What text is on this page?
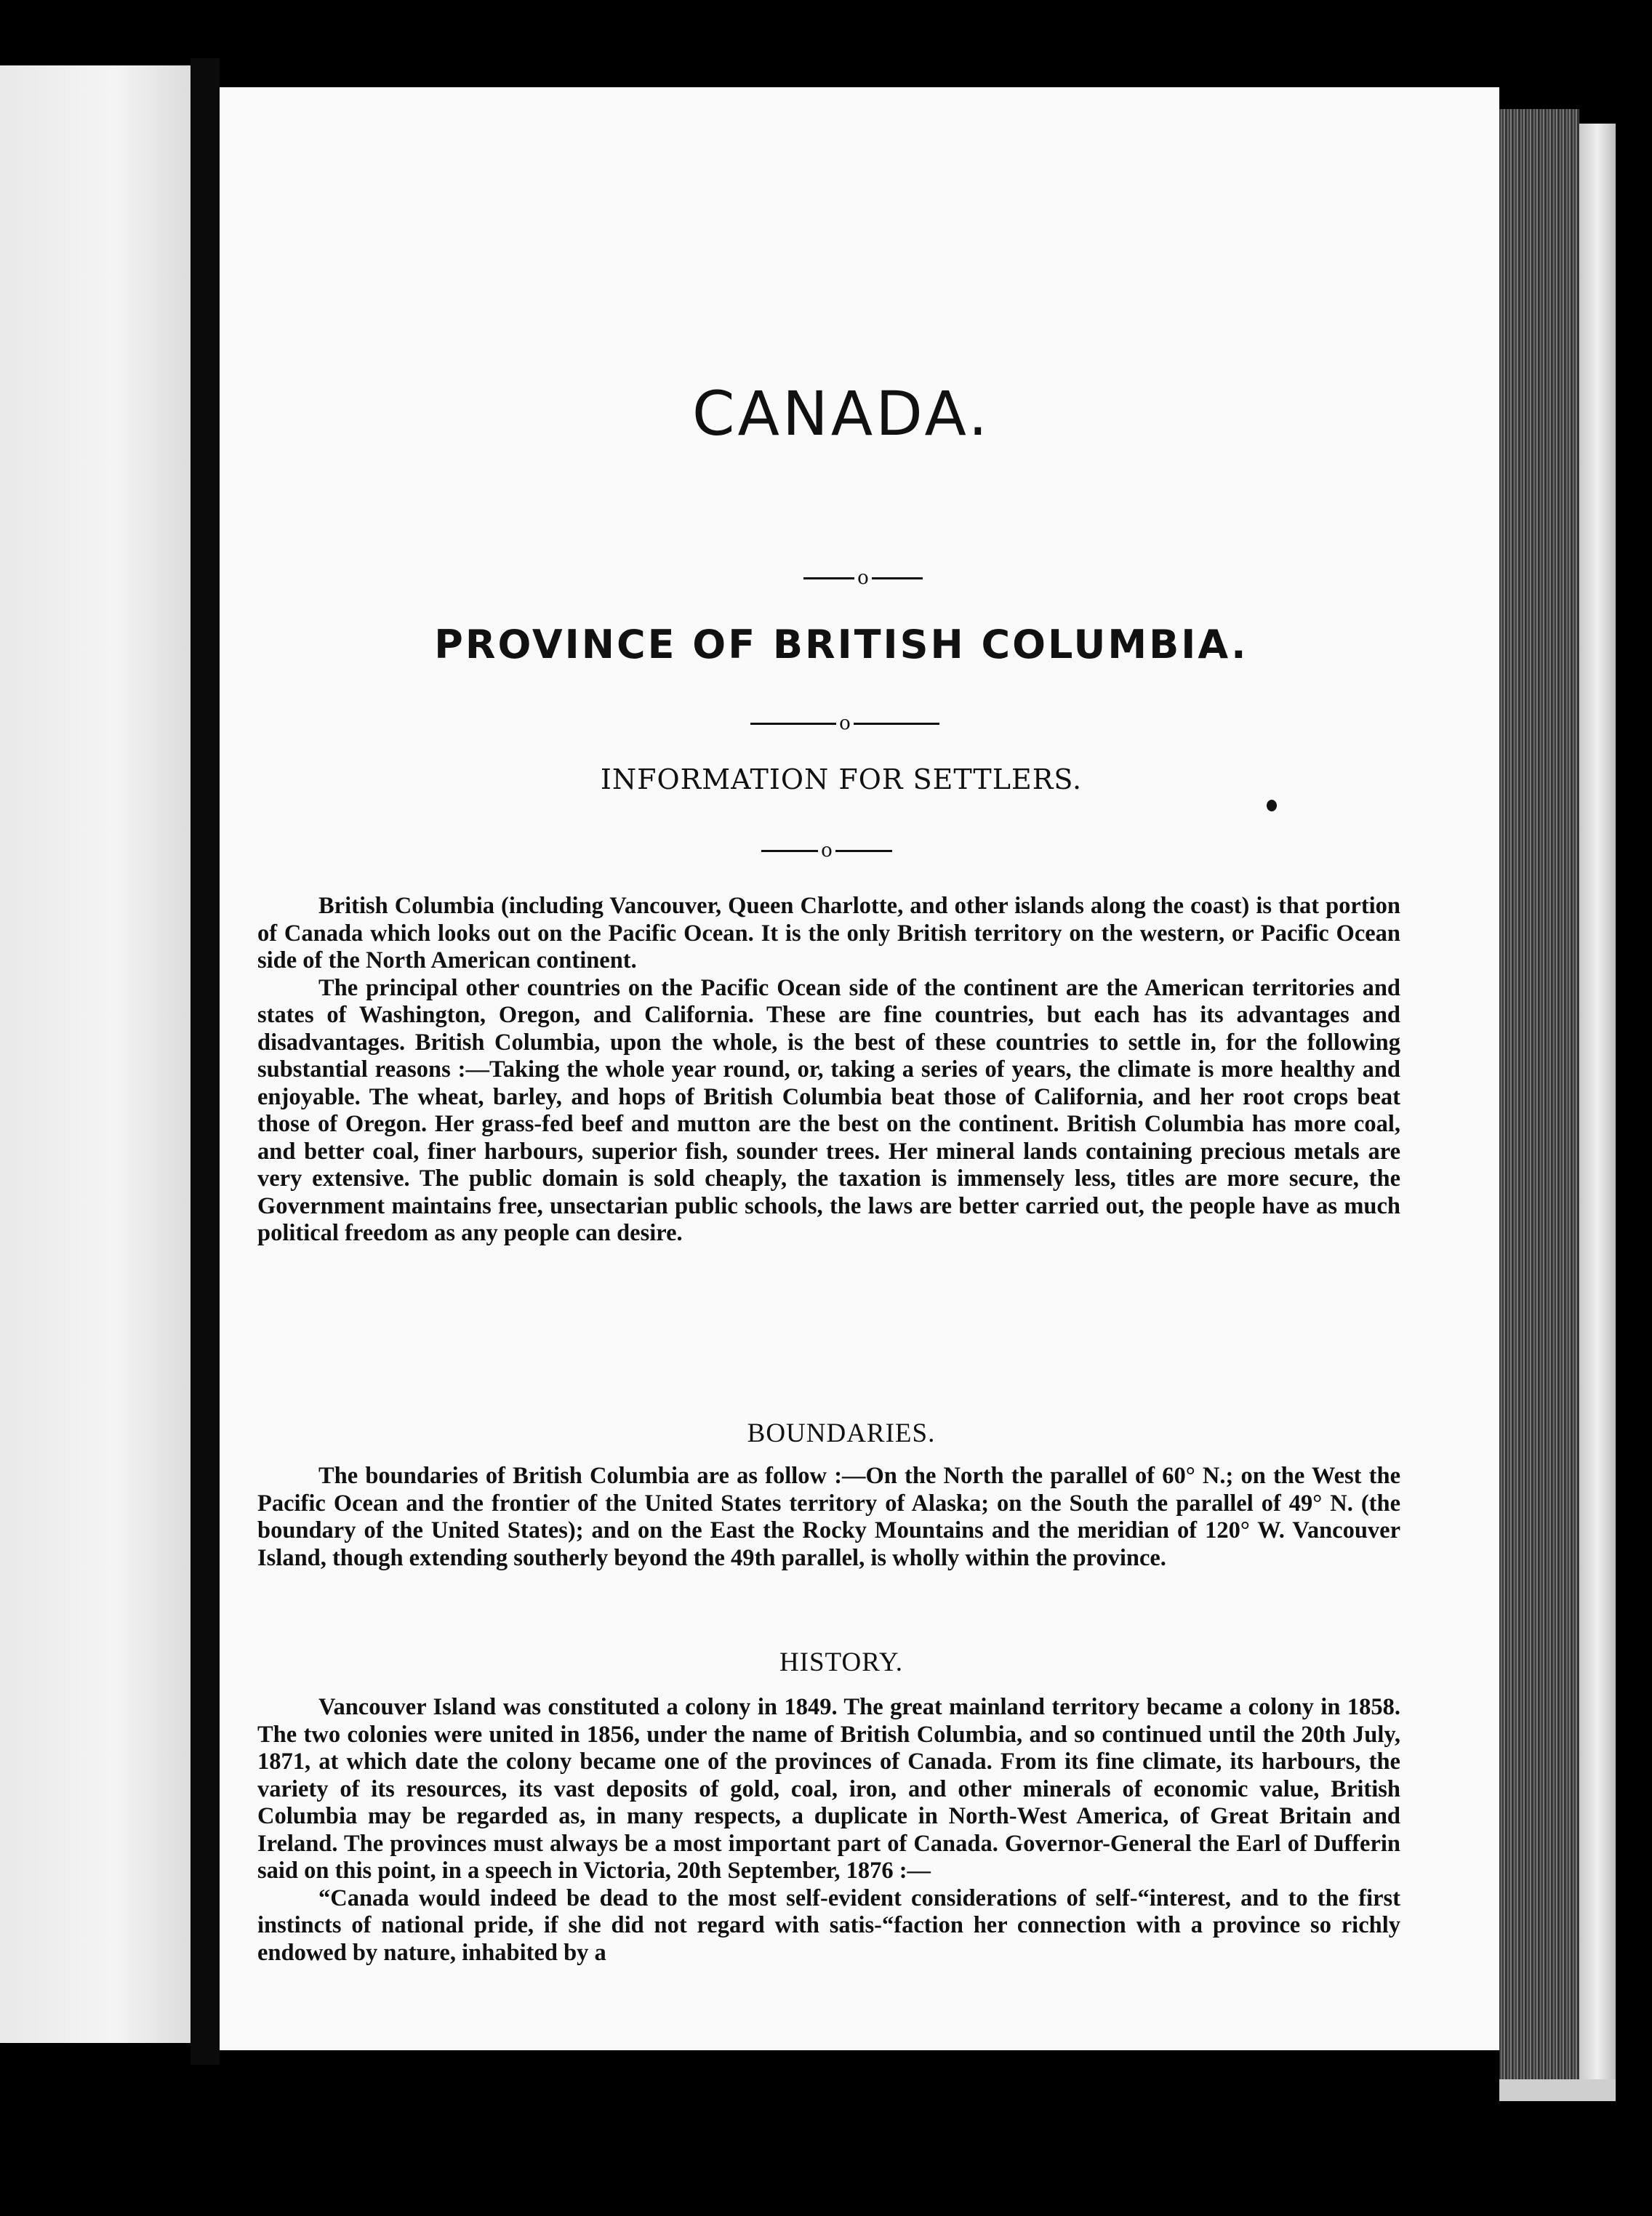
CANADA.
o
PROVINCE OF BRITISH COLUMBIA.
o
INFORMATION FOR SETTLERS.
o

British Columbia (including Vancouver, Queen Charlotte, and other islands along the coast) is that portion of Canada which looks out on the Pacific Ocean. It is the only British territory on the western, or Pacific Ocean side of the North American continent.

The principal other countries on the Pacific Ocean side of the continent are the American territories and states of Washington, Oregon, and California. These are fine countries, but each has its advantages and disadvantages. British Columbia, upon the whole, is the best of these countries to settle in, for the following substantial reasons :—Taking the whole year round, or, taking a series of years, the climate is more healthy and enjoyable. The wheat, barley, and hops of British Columbia beat those of California, and her root crops beat those of Oregon. Her grass-fed beef and mutton are the best on the continent. British Columbia has more coal, and better coal, finer harbours, superior fish, sounder trees. Her mineral lands containing precious metals are very extensive. The public domain is sold cheaply, the taxation is immensely less, titles are more secure, the Government maintains free, unsectarian public schools, the laws are better carried out, the people have as much political freedom as any people can desire.

BOUNDARIES.

The boundaries of British Columbia are as follow :—On the North the parallel of 60° N.; on the West the Pacific Ocean and the frontier of the United States territory of Alaska; on the South the parallel of 49° N. (the boundary of the United States); and on the East the Rocky Mountains and the meridian of 120° W. Vancouver Island, though extending southerly beyond the 49th parallel, is wholly within the province.

HISTORY.

Vancouver Island was constituted a colony in 1849. The great mainland territory became a colony in 1858. The two colonies were united in 1856, under the name of British Columbia, and so continued until the 20th July, 1871, at which date the colony became one of the provinces of Canada. From its fine climate, its harbours, the variety of its resources, its vast deposits of gold, coal, iron, and other minerals of economic value, British Columbia may be regarded as, in many respects, a duplicate in North-West America, of Great Britain and Ireland. The provinces must always be a most important part of Canada. Governor-General the Earl of Dufferin said on this point, in a speech in Victoria, 20th September, 1876 :—

“Canada would indeed be dead to the most self-evident considerations of self-“interest, and to the first instincts of national pride, if she did not regard with satis-“faction her connection with a province so richly endowed by nature, inhabited by a
